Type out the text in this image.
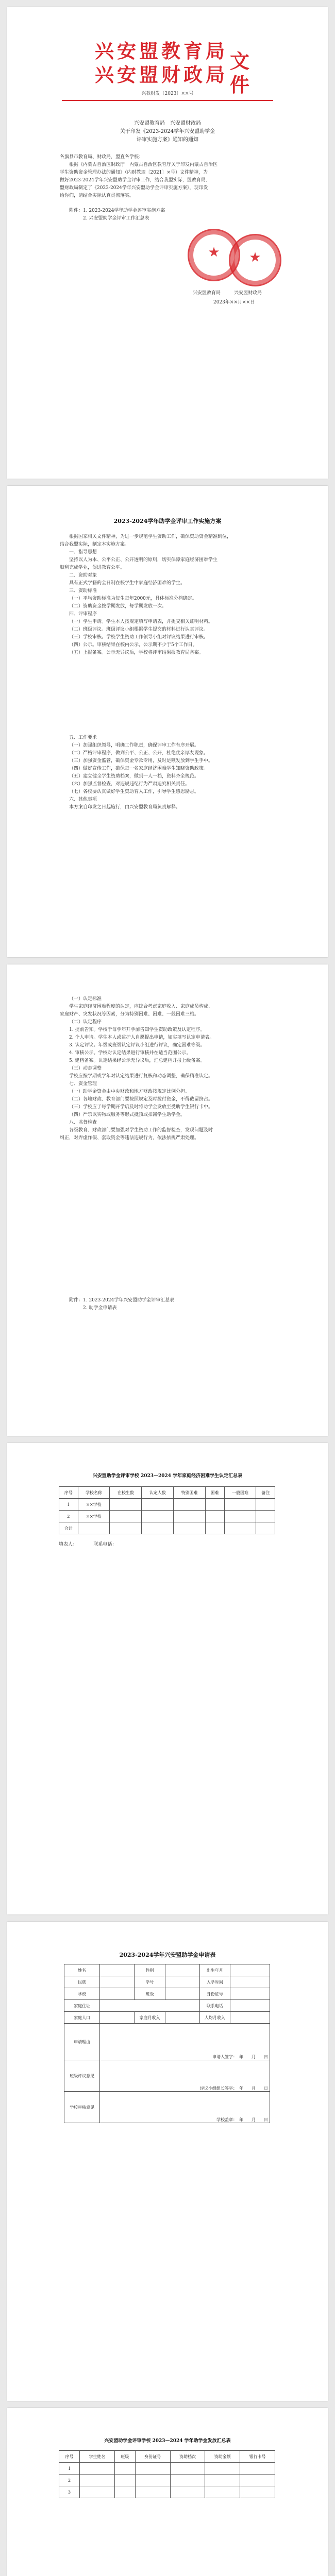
兴安盟教育局
兴安盟财政局
文件
兴教财发〔2023〕××号
兴安盟教育局　兴安盟财政局
关于印发《2023-2024学年兴安盟助学金
评审实施方案》通知的通知
各旗县市教育局、财政局，盟直各学校：
根据《内蒙古自治区财政厅　内蒙古自治区教育厅关于印发内蒙古自治区
学生资助资金管理办法的通知》（内财教规〔2021〕×号）文件精神，为
做好2023-2024学年兴安盟助学金评审工作，结合我盟实际，盟教育局、
盟财政局制定了《2023-2024学年兴安盟助学金评审实施方案》，现印发
给你们，请结合实际认真贯彻落实。
附件：1. 2023-2024学年助学金评审实施方案
　　　2. 兴安盟助学金评审工作汇总表
★	★
兴安盟教育局	兴安盟财政局
2023年××月××日
2023-2024学年助学金评审工作实施方案
根据国家相关文件精神，为进一步规范学生资助工作，确保资助资金精准到位，
结合我盟实际，制定本实施方案。
一、指导思想
坚持以人为本、公平公正、公开透明的原则，切实保障家庭经济困难学生
顺利完成学业，促进教育公平。
二、资助对象
具有正式学籍的全日制在校学生中家庭经济困难的学生。
三、资助标准
（一）平均资助标准为每生每年2000元，具体标准分档确定。
（二）资助资金按学期发放，每学期发放一次。
四、评审程序
（一）学生申请。学生本人按规定填写申请表，并提交相关证明材料。
（二）班级评议。班级评议小组根据学生提交的材料进行认真评议。
（三）学校审核。学校学生资助工作领导小组对评议结果进行审核。
（四）公示。审核结果在校内公示，公示期不少于5个工作日。
（五）上报备案。公示无异议后，学校将评审结果报教育局备案。
五、工作要求
（一）加强组织领导，明确工作职责，确保评审工作有序开展。
（二）严格评审程序，做到公平、公正、公开，杜绝优亲厚友现象。
（三）加强资金监管，确保资金专款专用，及时足额发放到学生手中。
（四）做好宣传工作，确保每一名家庭经济困难学生知晓资助政策。
（五）建立健全学生资助档案，做到一人一档，资料齐全规范。
（六）加强监督检查，对违规违纪行为严肃追究相关责任。
（七）各校要认真做好学生资助育人工作，引导学生感恩励志。
六、其他事项
本方案自印发之日起施行，由兴安盟教育局负责解释。
（一）认定标准
学生家庭经济困难程度的认定，应综合考虑家庭收入、家庭成员构成、
家庭财产、突发状况等因素，分为特别困难、困难、一般困难三档。
（二）认定程序
1. 提前告知。学校于每学年开学前告知学生资助政策及认定程序。
2. 个人申请。学生本人或监护人自愿提出申请，如实填写认定申请表。
3. 认定评议。年级或班级认定评议小组进行评议，确定困难等级。
4. 审核公示。学校对认定结果进行审核并在适当范围公示。
5. 建档备案。认定结果经公示无异议后，汇总建档并报上级备案。
（三）动态调整
学校应按学期或学年对认定结果进行复核和动态调整，确保精准认定。
七、资金管理
（一）助学金资金由中央财政和地方财政按规定比例分担。
（二）各地财政、教育部门要按照规定及时拨付资金，不得截留挤占。
（三）学校应于每学期开学后及时将助学金发放至受助学生银行卡中。
（四）严禁以实物或服务等形式抵顶或扣减学生助学金。
八、监督检查
各级教育、财政部门要加强对学生资助工作的监督检查，发现问题及时
纠正，对弄虚作假、套取资金等违法违规行为，依法依规严肃处理。
附件：1. 2023-2024学年兴安盟助学金评审汇总表
　　　2. 助学金申请表
兴安盟助学金评审学校 2023—2024 学年家庭经济困难学生认定汇总表
序号	学校名称	在校生数	认定人数	特别困难	困难	一般困难	备注
1	××学校						
2	××学校						
合计							
填表人：　　　　联系电话：
2023-2024学年兴安盟助学金申请表
姓名		性别		出生年月	
民族		学号		入学时间	
学校		班级		身份证号	
家庭住址				联系电话	
家庭人口		家庭月收入		人均月收入	
申请理由	申请人签字：　 年　　月　　日				
班级评议意见	评议小组组长签字：　 年　　月　　日				
学校审核意见	学校盖章：　 年　　月　　日				
兴安盟助学金评审学校 2023—2024 学年助学金发放汇总表
序号	学生姓名	班级	身份证号	资助档次	资助金额	银行卡号
1						
2						
3						
